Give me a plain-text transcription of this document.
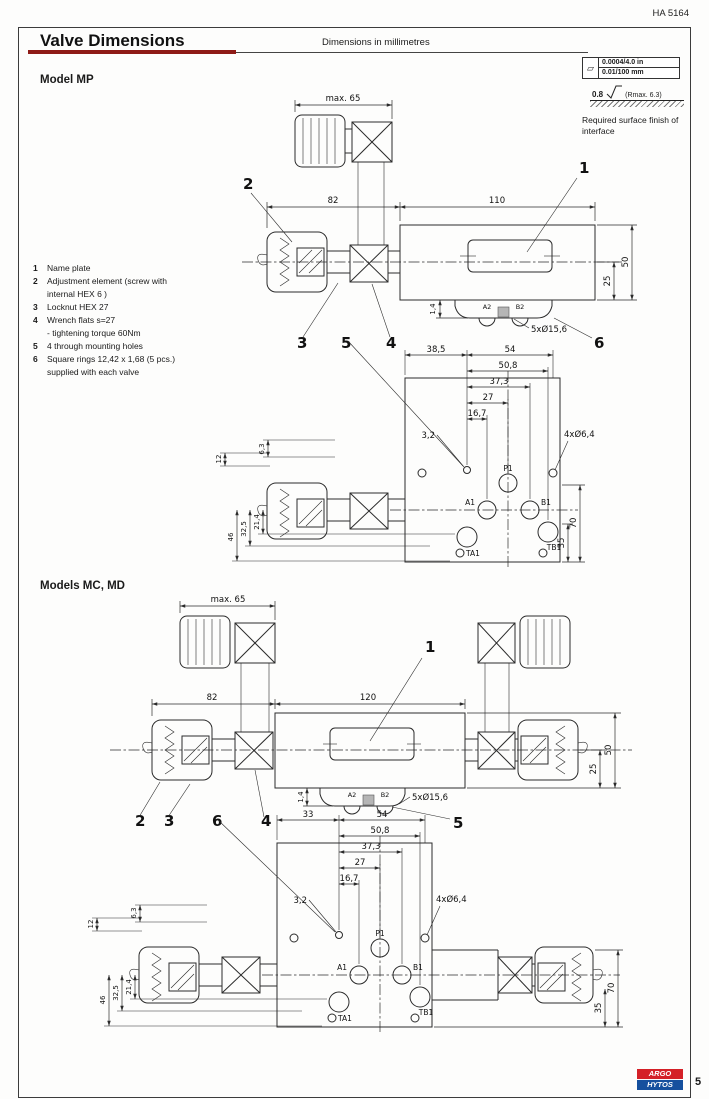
HA 5164
Valve Dimensions	Dimensions in millimetres
▱
0.0004/4.0 in
0.01/100 mm
0.8	(Rmax. 6.3)
Required surface finish of interface
Model MP
1	Name plate
2	Adjustment element (screw with
internal HEX 6 )
3	Locknut HEX 27
4	Wrench flats s=27
- tightening torque 60Nm
5	4 through mounting holes
6	Square rings 12,42 x 1,68 (5 pcs.)
supplied with each valve
max. 65
82	110
A2	B2
1,4
5xØ15,6
25
50
2
1
3 5 4	6
P1
A1	B1
TA1
TB1
38,5	54
50,8
37,3
27
16,7
3,2	4xØ6,4
12
6,3
21,4
32,5
46
70
35
Models MC, MD
max. 65
82	120
25
50
A2	B2
1,4	5xØ15,6
1
2 3	6	4	5
P1
A1	B1
TA1
TB1
33	54
50,8
37,3
27
16,7
3,2	4xØ6,4
12
6,3
21,4
32,5
46
70
35
ARGO
HYTOS	5
